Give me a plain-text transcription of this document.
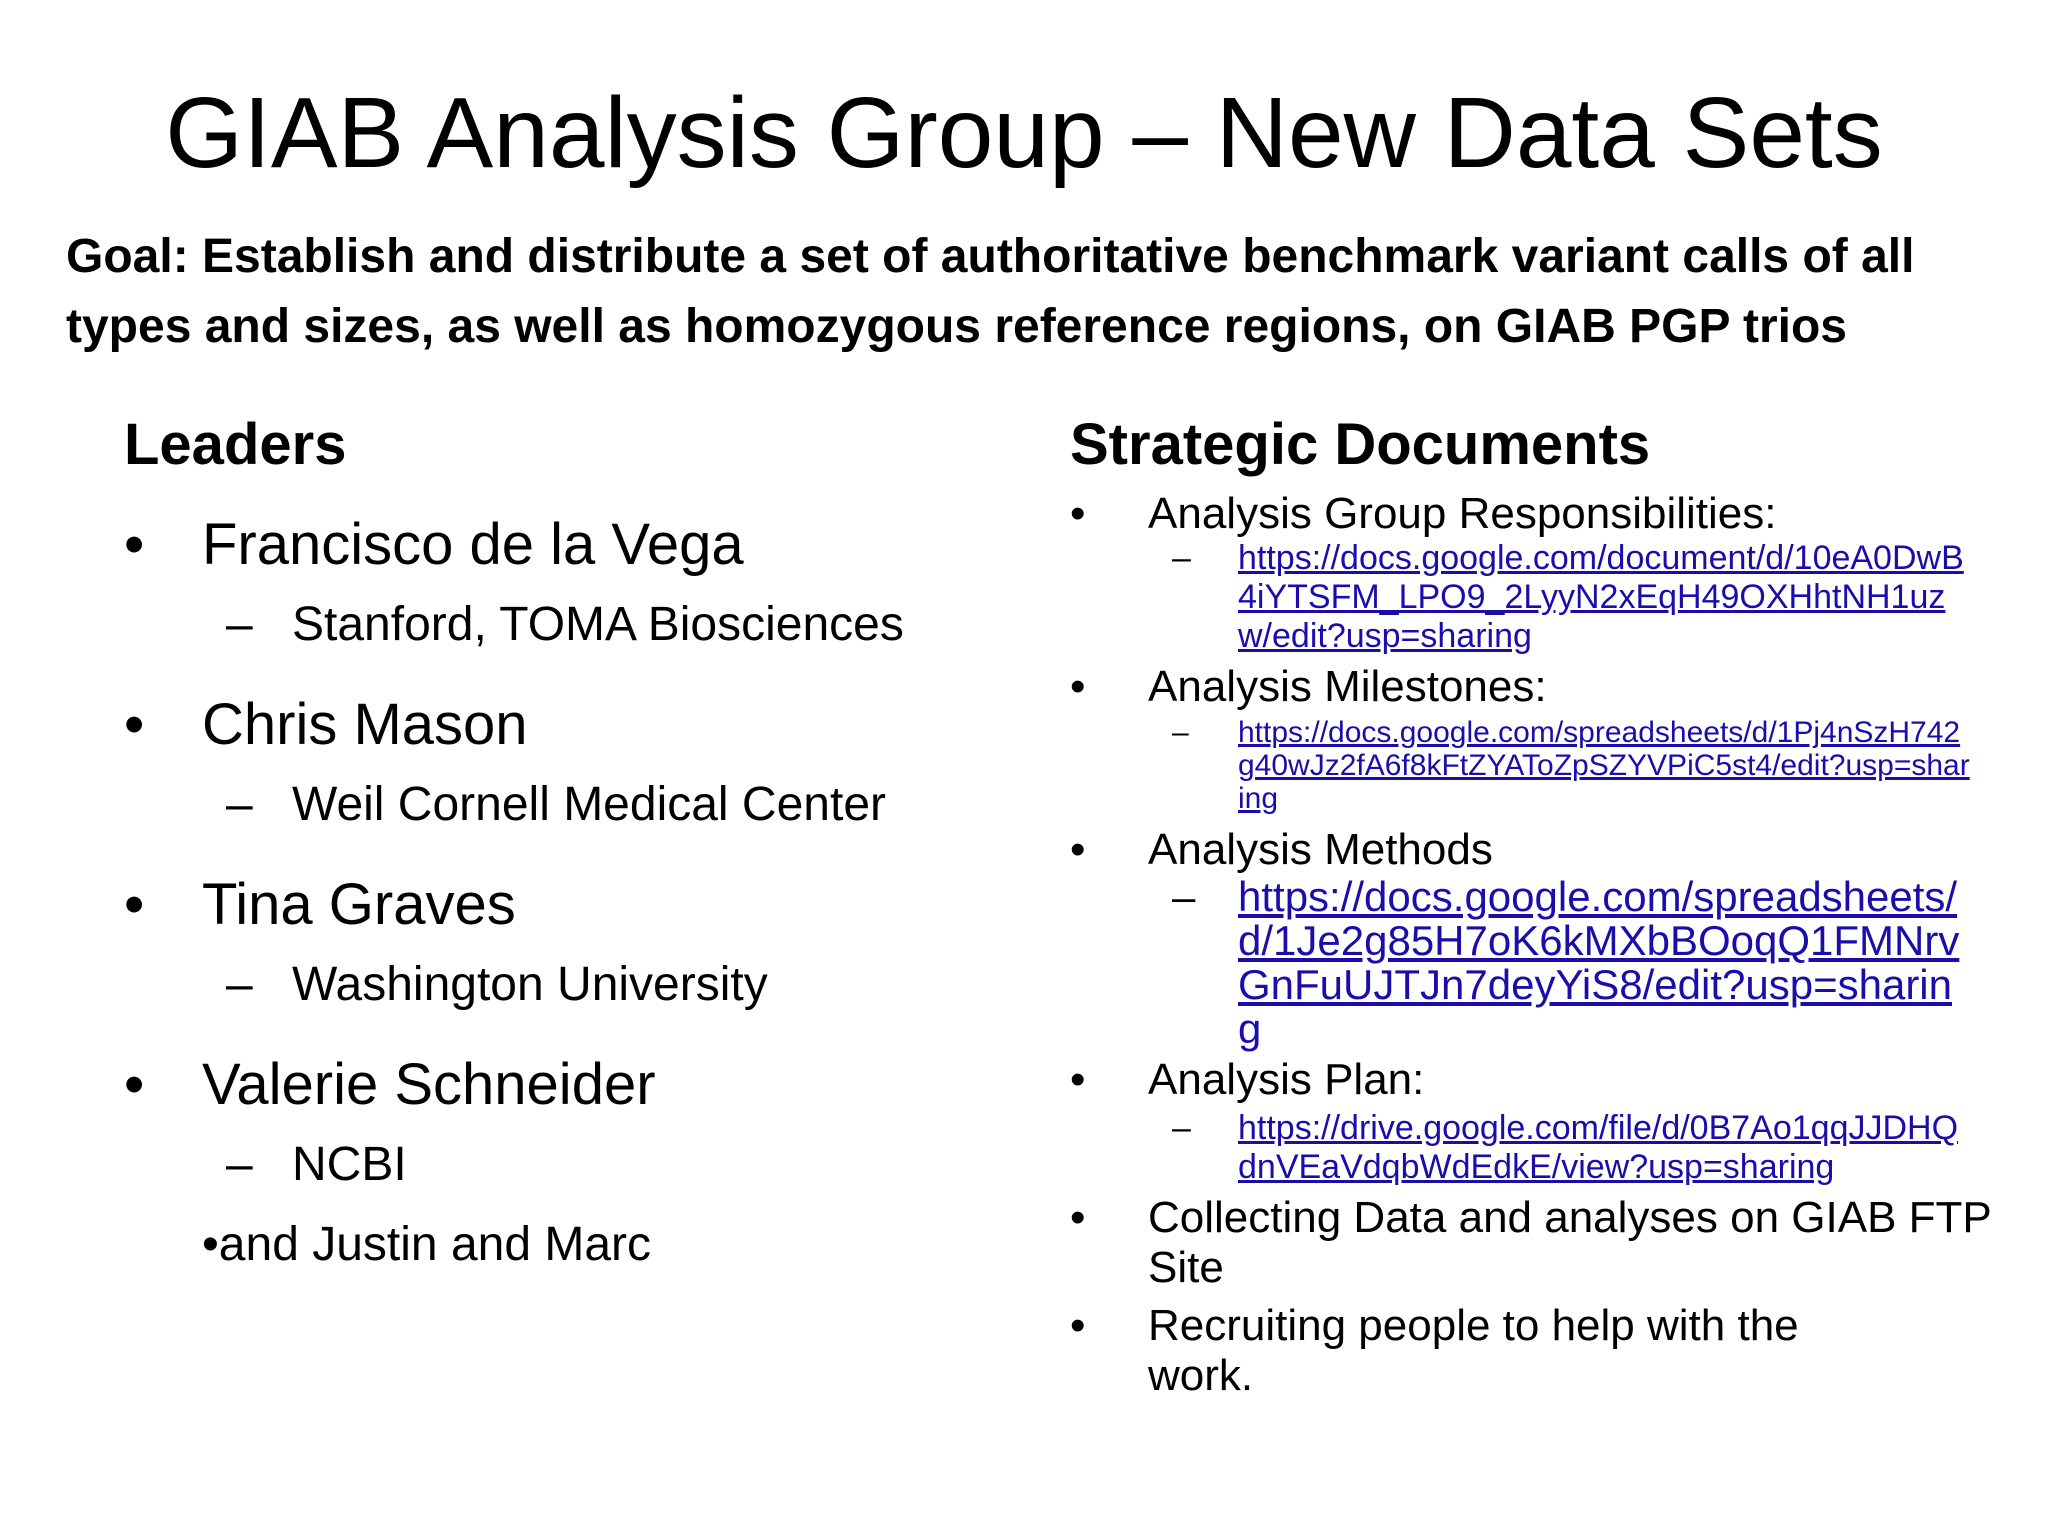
GIAB Analysis Group – New Data Sets

Goal: Establish and distribute a set of authoritative benchmark variant calls of all types and sizes, as well as homozygous reference regions, on GIAB PGP trios

Leaders
• Francisco de la Vega
– Stanford, TOMA Biosciences
• Chris Mason
– Weil Cornell Medical Center
• Tina Graves
– Washington University
• Valerie Schneider
– NCBI
•and Justin and Marc
Strategic Documents
• Analysis Group Responsibilities:
– https://docs.google.com/document/d/10eA0DwB4iYTSFM_LPO9_2LyyN2xEqH49OXHhtNH1uzw/edit?usp=sharing
• Analysis Milestones:
– https://docs.google.com/spreadsheets/d/1Pj4nSzH742g40wJz2fA6f8kFtZYAToZpSZYVPiC5st4/edit?usp=sharing
• Analysis Methods
– https://docs.google.com/spreadsheets/d/1Je2g85H7oK6kMXbBOoqQ1FMNrvGnFuUJTJn7deyYiS8/edit?usp=sharing
• Analysis Plan:
– https://drive.google.com/file/d/0B7Ao1qqJJDHQdnVEaVdqbWdEdkE/view?usp=sharing
• Collecting Data and analyses on GIAB FTP Site
• Recruiting people to help with the work.
